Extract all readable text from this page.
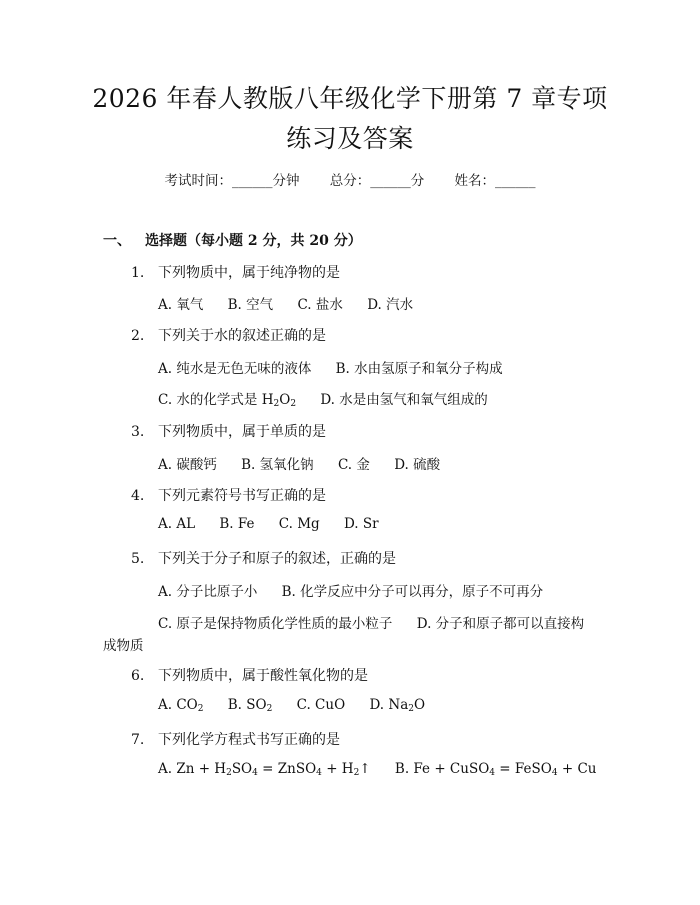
2026 年春人教版八年级化学下册第 7 章专项
练习及答案
考试时间：______分钟 总分：______分 姓名：______
一、 选择题（每小题 2 分，共 20 分）
1. 下列物质中，属于纯净物的是
A. 氧气 B. 空气 C. 盐水 D. 汽水
2. 下列关于水的叙述正确的是
A. 纯水是无色无味的液体 B. 水由氢原子和氧分子构成
C. 水的化学式是 $H_2O_2$ D. 水是由氢气和氧气组成的
3. 下列物质中，属于单质的是
A. 碳酸钙 B. 氢氧化钠 C. 金 D. 硫酸
4. 下列元素符号书写正确的是
A. AL B. Fe C. Mg D. Sr
5. 下列关于分子和原子的叙述，正确的是
A. 分子比原子小 B. 化学反应中分子可以再分，原子不可再分
C. 原子是保持物质化学性质的最小粒子 D. 分子和原子都可以直接构
成物质
6. 下列物质中，属于酸性氧化物的是
A. $CO_2$ B. $SO_2$ C. CuO D. $Na_2O$
7. 下列化学方程式书写正确的是
A. $Zn + H_2SO_4$ = ZnSO$_4$ + $H_2↑$ B. Fe + CuSO$_4$ = FeSO$_4$ + Cu
